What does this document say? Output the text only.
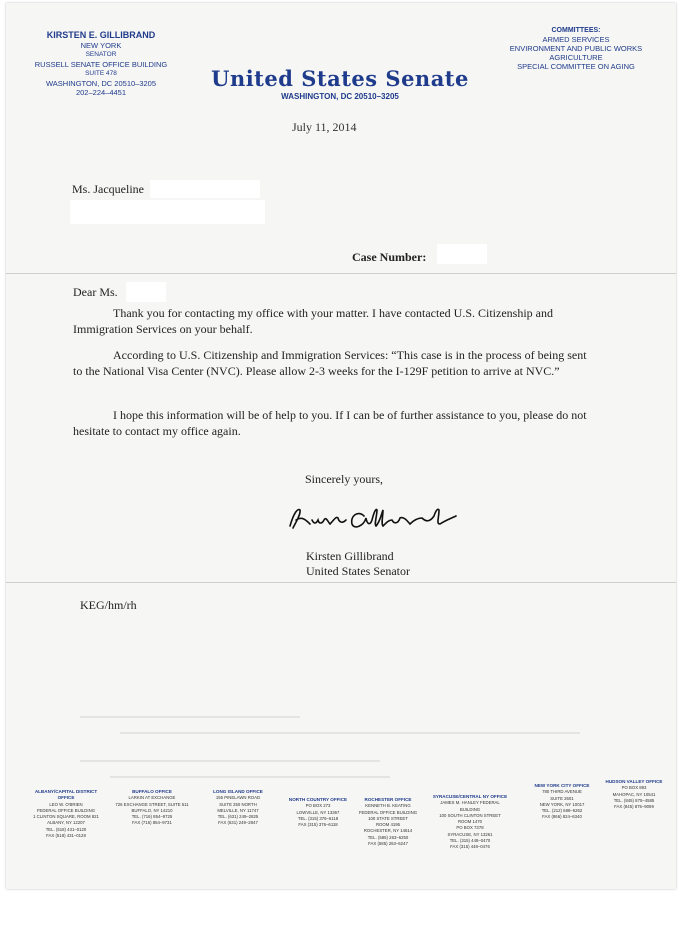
KIRSTEN E. GILLIBRAND
NEW YORK
SENATOR
RUSSELL SENATE OFFICE BUILDING
SUITE 478
WASHINGTON, DC 20510–3205
202–224–4451
COMMITTEES:
ARMED SERVICES
ENVIRONMENT AND PUBLIC WORKS
AGRICULTURE
SPECIAL COMMITTEE ON AGING
United States Senate
WASHINGTON, DC 20510–3205
July 11, 2014
Ms. Jacqueline
Case Number:
Dear Ms.
Thank you for contacting my office with your matter. I have contacted U.S. Citizenship and Immigration Services on your behalf.
According to U.S. Citizenship and Immigration Services: “This case is in the process of being sent to the National Visa Center (NVC). Please allow 2-3 weeks for the I-129F petition to arrive at NVC.”
I hope this information will be of help to you. If I can be of further assistance to you, please do not hesitate to contact my office again.
Sincerely yours,
Kirsten Gillibrand
United States Senator
KEG/hm/rh
ALBANY/CAPITAL DISTRICT OFFICE
LEO W. O'BRIEN
FEDERAL OFFICE BUILDING
1 CLINTON SQUARE, ROOM 821
ALBANY, NY 12207
TEL. (518) 431–0120
FAX (518) 431–0128
BUFFALO OFFICE
LARKIN AT EXCHANGE
726 EXCHANGE STREET, SUITE 511
BUFFALO, NY 14210
TEL. (716) 854–9725
FAX (716) 854–9731
LONG ISLAND OFFICE
155 PINELAWN ROAD
SUITE 250 NORTH
MELVILLE, NY 11747
TEL. (631) 249–2825
FAX (631) 249–2847
NORTH COUNTRY OFFICE
PO BOX 273
LOWVILLE, NY 13367
TEL. (315) 376–6118
FAX (315) 376–6118
ROCHESTER OFFICE
KENNETH B. KEATING
FEDERAL OFFICE BUILDING
100 STATE STREET
ROOM 4195
ROCHESTER, NY 14614
TEL. (585) 263–6250
FAX (585) 263–6247
SYRACUSE/CENTRAL NY OFFICE
JAMES M. HANLEY FEDERAL BUILDING
100 SOUTH CLINTON STREET
ROOM 1470
PO BOX 7378
SYRACUSE, NY 13261
TEL. (315) 448–0470
FAX (315) 448–0476
NEW YORK CITY OFFICE
780 THIRD AVENUE
SUITE 2601
NEW YORK, NY 10017
TEL. (212) 688–6262
FAX (866) 824–6340
HUDSON VALLEY OFFICE
PO BOX 893
MAHOPAC, NY 10541
TEL. (845) 875–4585
FAX (845) 875–9099
